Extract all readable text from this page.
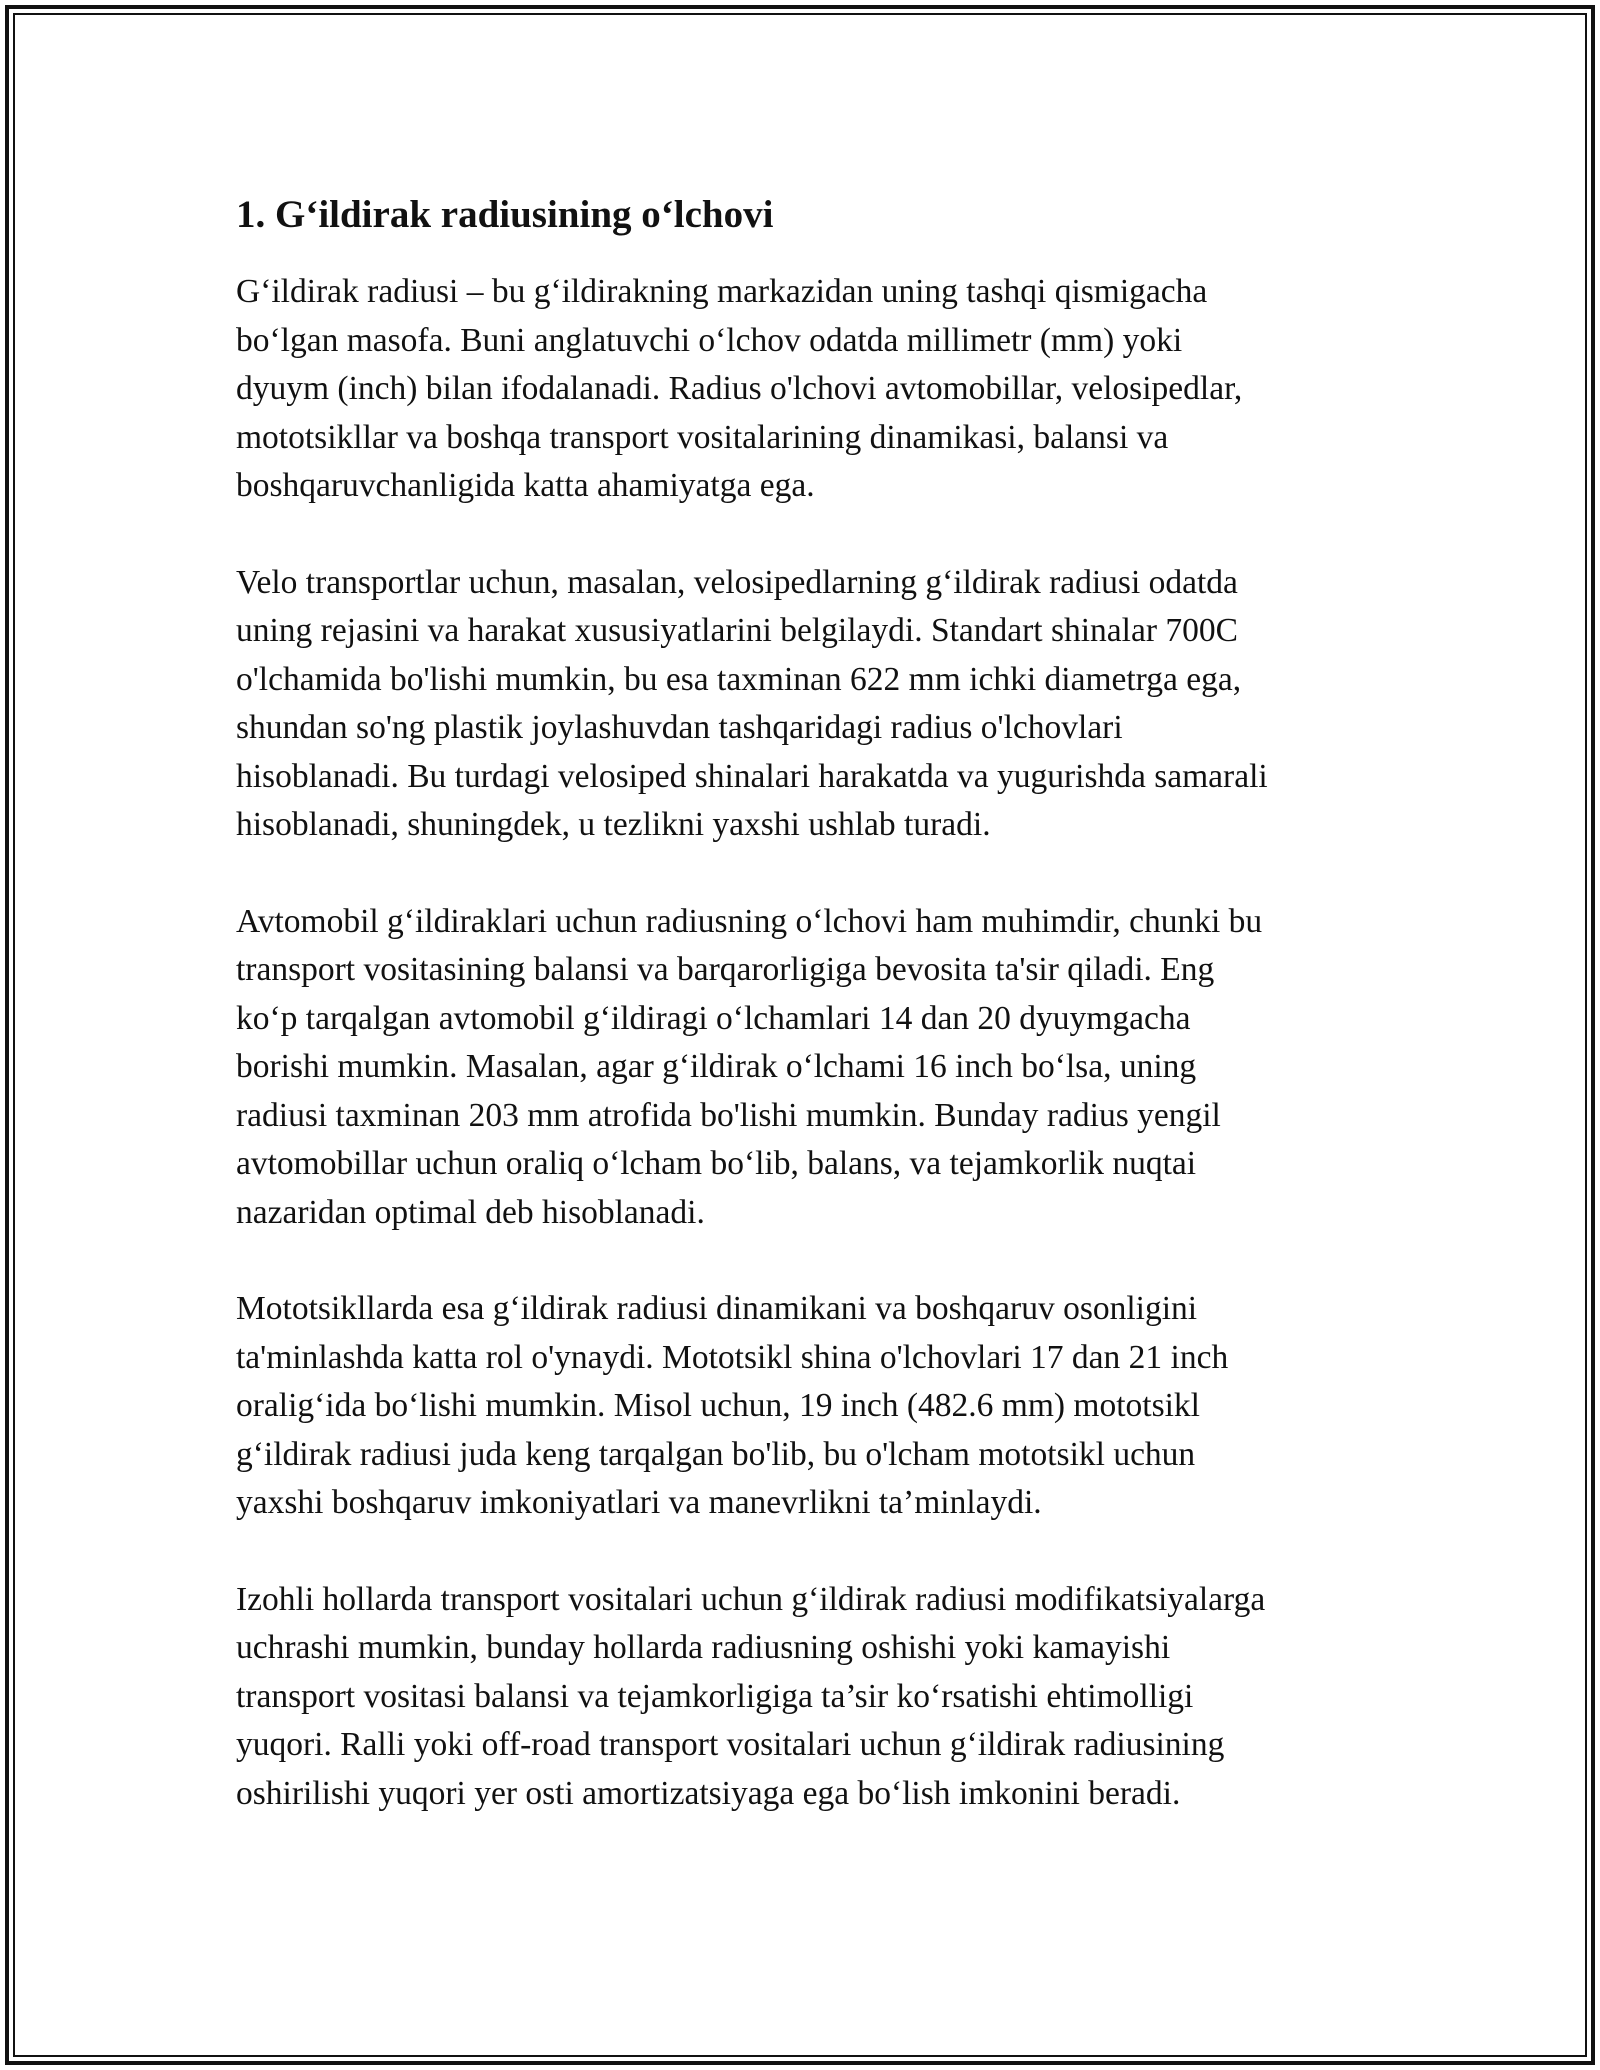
1. G‘ildirak radiusining o‘lchovi

G‘ildirak radiusi – bu g‘ildirakning markazidan uning tashqi qismigacha
bo‘lgan masofa. Buni anglatuvchi o‘lchov odatda millimetr (mm) yoki
dyuym (inch) bilan ifodalanadi. Radius o'lchovi avtomobillar, velosipedlar,
mototsikllar va boshqa transport vositalarining dinamikasi, balansi va
boshqaruvchanligida katta ahamiyatga ega.

Velo transportlar uchun, masalan, velosipedlarning g‘ildirak radiusi odatda
uning rejasini va harakat xususiyatlarini belgilaydi. Standart shinalar 700C
o'lchamida bo'lishi mumkin, bu esa taxminan 622 mm ichki diametrga ega,
shundan so'ng plastik joylashuvdan tashqaridagi radius o'lchovlari
hisoblanadi. Bu turdagi velosiped shinalari harakatda va yugurishda samarali
hisoblanadi, shuningdek, u tezlikni yaxshi ushlab turadi.

Avtomobil g‘ildiraklari uchun radiusning o‘lchovi ham muhimdir, chunki bu
transport vositasining balansi va barqarorligiga bevosita ta'sir qiladi. Eng
ko‘p tarqalgan avtomobil g‘ildiragi o‘lchamlari 14 dan 20 dyuymgacha
borishi mumkin. Masalan, agar g‘ildirak o‘lchami 16 inch bo‘lsa, uning
radiusi taxminan 203 mm atrofida bo'lishi mumkin. Bunday radius yengil
avtomobillar uchun oraliq o‘lcham bo‘lib, balans, va tejamkorlik nuqtai
nazaridan optimal deb hisoblanadi.

Mototsikllarda esa g‘ildirak radiusi dinamikani va boshqaruv osonligini
ta'minlashda katta rol o'ynaydi. Mototsikl shina o'lchovlari 17 dan 21 inch
oralig‘ida bo‘lishi mumkin. Misol uchun, 19 inch (482.6 mm) mototsikl
g‘ildirak radiusi juda keng tarqalgan bo'lib, bu o'lcham mototsikl uchun
yaxshi boshqaruv imkoniyatlari va manevrlikni ta’minlaydi.

Izohli hollarda transport vositalari uchun g‘ildirak radiusi modifikatsiyalarga
uchrashi mumkin, bunday hollarda radiusning oshishi yoki kamayishi
transport vositasi balansi va tejamkorligiga ta’sir ko‘rsatishi ehtimolligi
yuqori. Ralli yoki off-road transport vositalari uchun g‘ildirak radiusining
oshirilishi yuqori yer osti amortizatsiyaga ega bo‘lish imkonini beradi.
